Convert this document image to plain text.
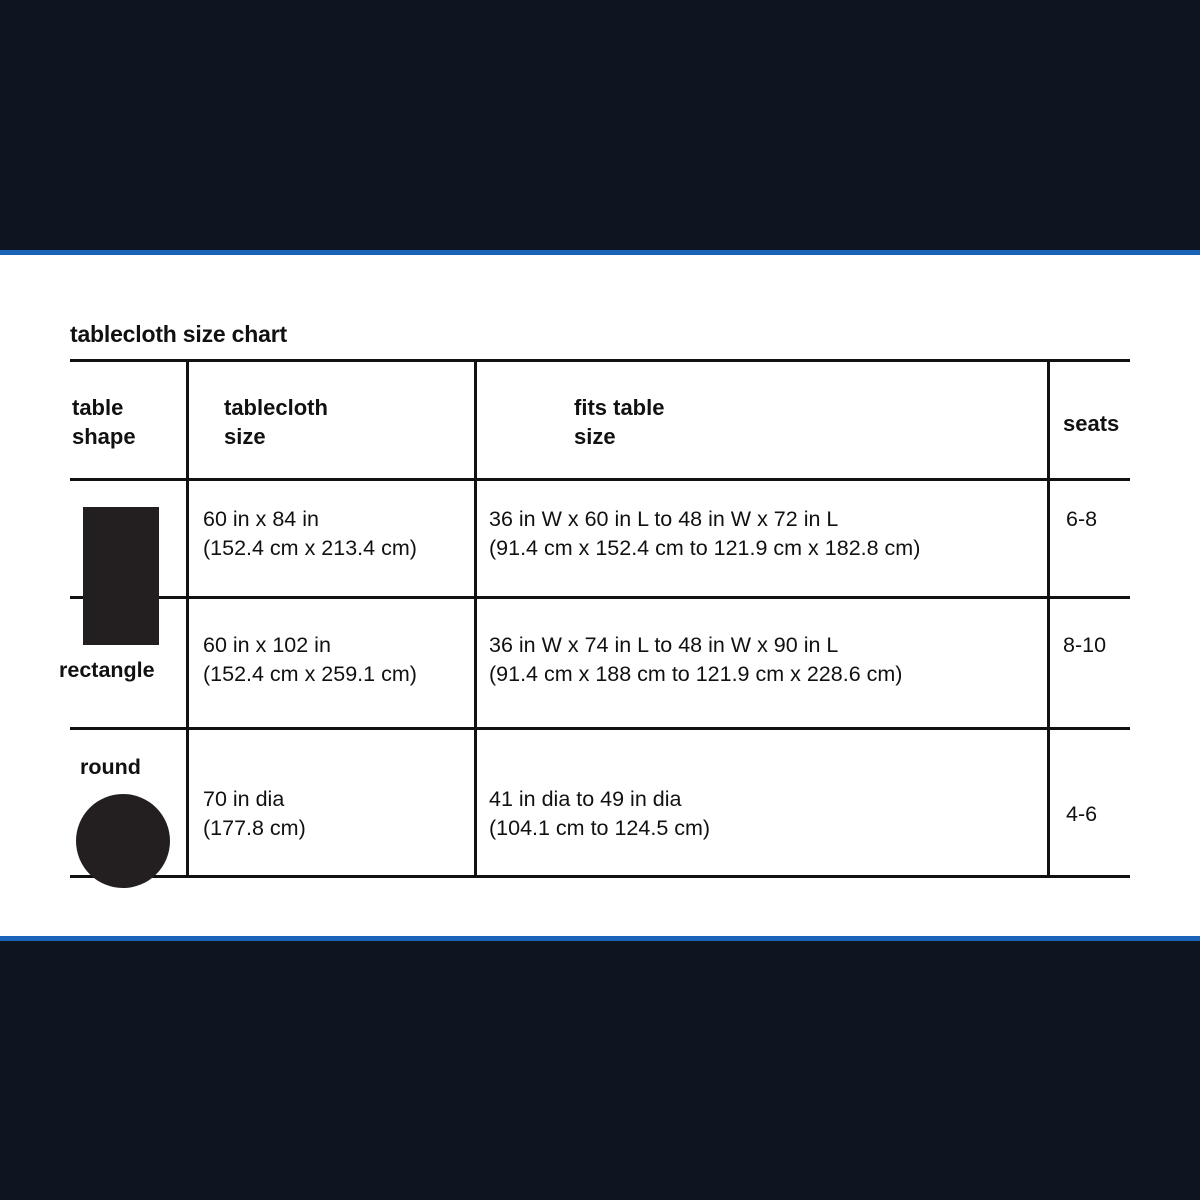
tablecloth size chart
table
shape
tablecloth
size
fits table
size
seats
rectangle
round
60 in x 84 in
(152.4 cm x 213.4 cm)
36 in W x 60 in L to 48 in W x 72 in L
(91.4 cm x 152.4 cm to 121.9 cm x 182.8 cm)
6-8
60 in x 102 in
(152.4 cm x 259.1 cm)
36 in W x 74 in L to 48 in W x 90 in L
(91.4 cm x 188 cm to 121.9 cm x 228.6 cm)
8-10
70 in dia
(177.8 cm)
41 in dia to 49 in dia
(104.1 cm to 124.5 cm)
4-6
